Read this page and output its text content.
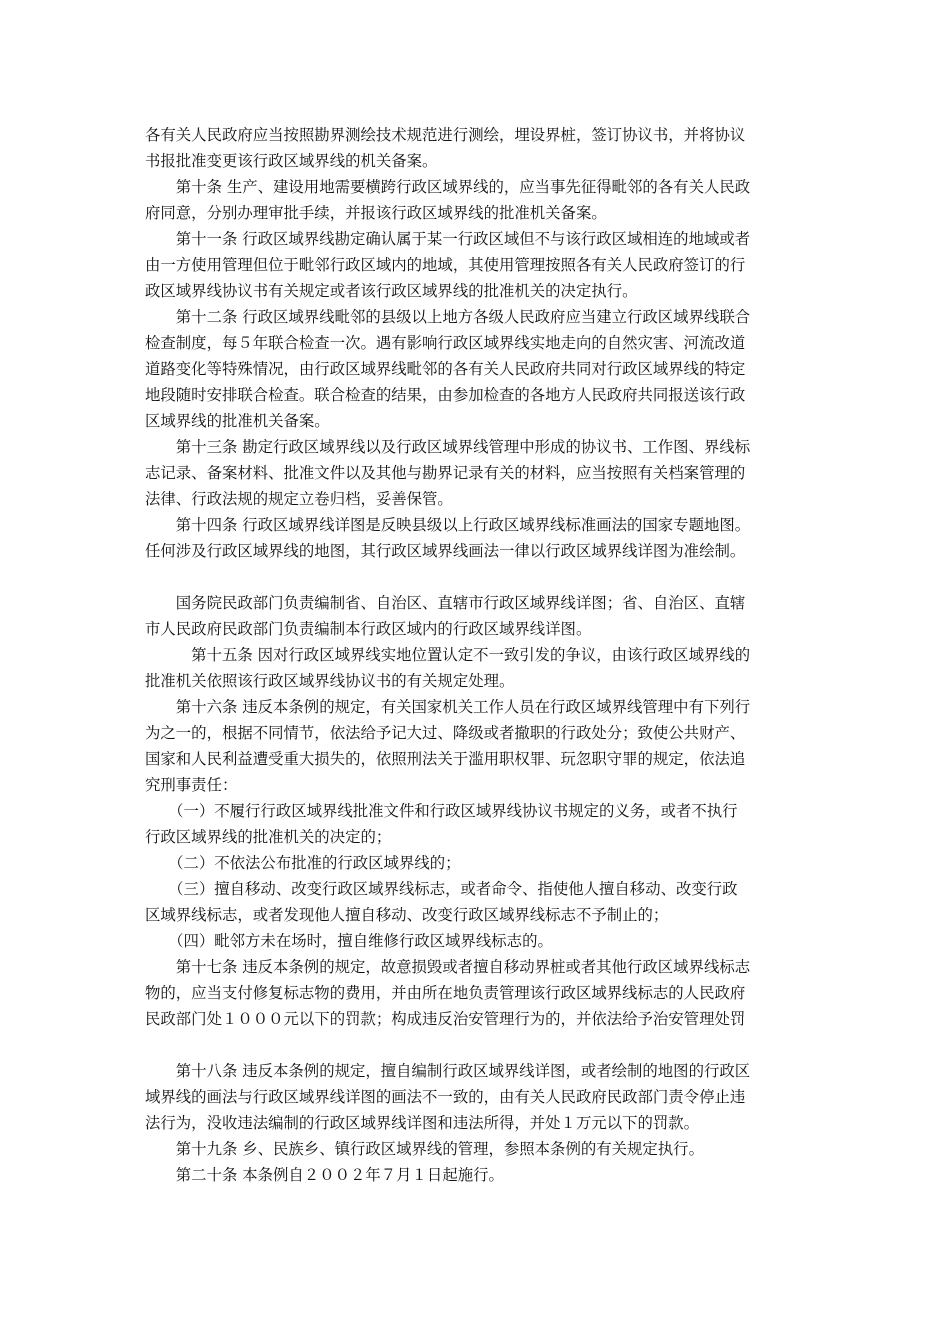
各有关人民政府应当按照勘界测绘技术规范进行测绘，埋设界桩，签订协议书，并将协议
书报批准变更该行政区域界线的机关备案。
　　第十条 生产、建设用地需要横跨行政区域界线的，应当事先征得毗邻的各有关人民政
府同意，分别办理审批手续，并报该行政区域界线的批准机关备案。
　　第十一条 行政区域界线勘定确认属于某一行政区域但不与该行政区域相连的地域或者
由一方使用管理但位于毗邻行政区域内的地域，其使用管理按照各有关人民政府签订的行
政区域界线协议书有关规定或者该行政区域界线的批准机关的决定执行。
　　第十二条 行政区域界线毗邻的县级以上地方各级人民政府应当建立行政区域界线联合
检查制度，每５年联合检查一次。遇有影响行政区域界线实地走向的自然灾害、河流改道
道路变化等特殊情况，由行政区域界线毗邻的各有关人民政府共同对行政区域界线的特定
地段随时安排联合检查。联合检查的结果，由参加检查的各地方人民政府共同报送该行政
区域界线的批准机关备案。
　　第十三条 勘定行政区域界线以及行政区域界线管理中形成的协议书、工作图、界线标
志记录、备案材料、批准文件以及其他与勘界记录有关的材料，应当按照有关档案管理的
法律、行政法规的规定立卷归档，妥善保管。
　　第十四条 行政区域界线详图是反映县级以上行政区域界线标准画法的国家专题地图。
任何涉及行政区域界线的地图，其行政区域界线画法一律以行政区域界线详图为准绘制。
　　国务院民政部门负责编制省、自治区、直辖市行政区域界线详图；省、自治区、直辖
市人民政府民政部门负责编制本行政区域内的行政区域界线详图。
　　　第十五条 因对行政区域界线实地位置认定不一致引发的争议，由该行政区域界线的
批准机关依照该行政区域界线协议书的有关规定处理。
　　第十六条 违反本条例的规定，有关国家机关工作人员在行政区域界线管理中有下列行
为之一的，根据不同情节，依法给予记大过、降级或者撤职的行政处分；致使公共财产、
国家和人民利益遭受重大损失的，依照刑法关于滥用职权罪、玩忽职守罪的规定，依法追
究刑事责任：
　　（一）不履行行政区域界线批准文件和行政区域界线协议书规定的义务，或者不执行
行政区域界线的批准机关的决定的；
　　（二）不依法公布批准的行政区域界线的；
　　（三）擅自移动、改变行政区域界线标志，或者命令、指使他人擅自移动、改变行政
区域界线标志，或者发现他人擅自移动、改变行政区域界线标志不予制止的；
　　（四）毗邻方未在场时，擅自维修行政区域界线标志的。
　　第十七条 违反本条例的规定，故意损毁或者擅自移动界桩或者其他行政区域界线标志
物的，应当支付修复标志物的费用，并由所在地负责管理该行政区域界线标志的人民政府
民政部门处１０００元以下的罚款；构成违反治安管理行为的，并依法给予治安管理处罚
　　第十八条 违反本条例的规定，擅自编制行政区域界线详图，或者绘制的地图的行政区
域界线的画法与行政区域界线详图的画法不一致的，由有关人民政府民政部门责令停止违
法行为，没收违法编制的行政区域界线详图和违法所得，并处１万元以下的罚款。
　　第十九条 乡、民族乡、镇行政区域界线的管理，参照本条例的有关规定执行。
　　第二十条 本条例自２００２年７月１日起施行。
